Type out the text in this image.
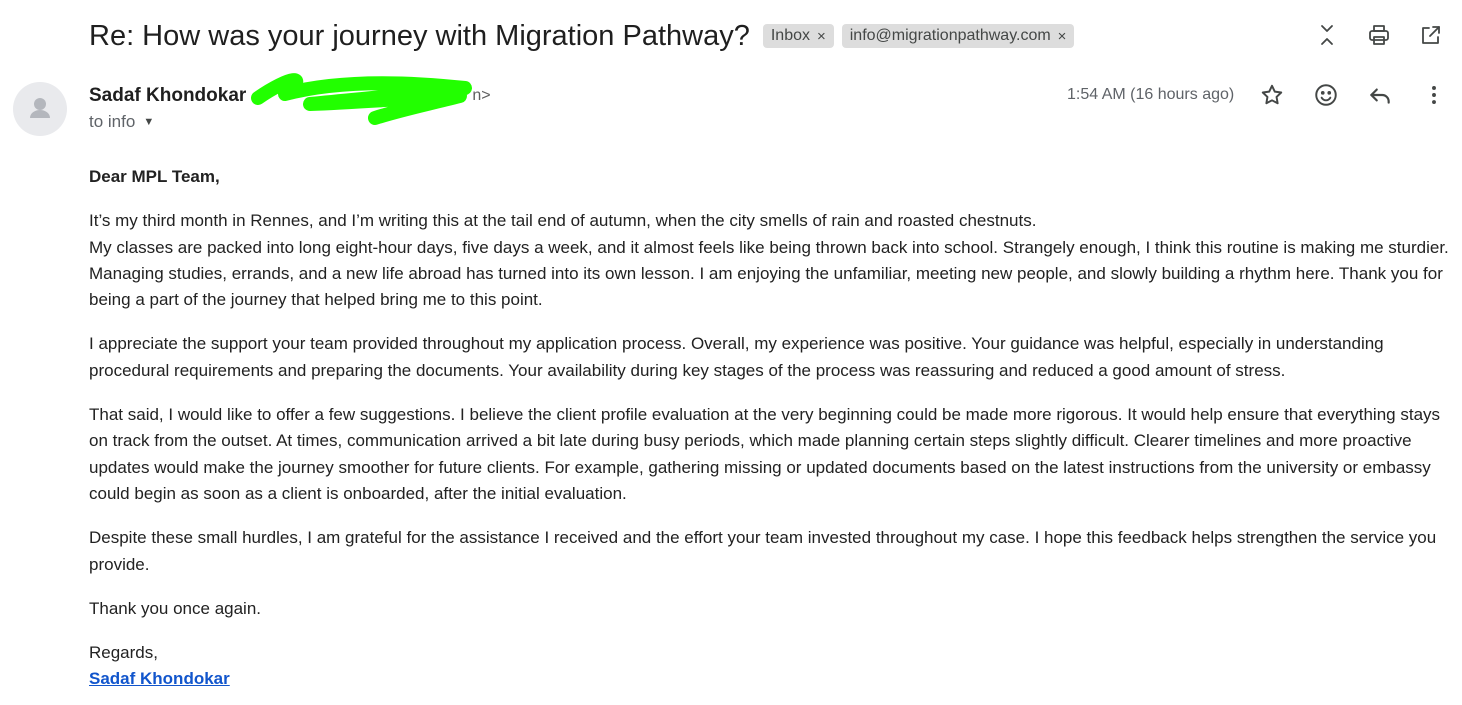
Re: How was your journey with Migration Pathway? Inbox × info@migrationpathway.com ×
Sadaf Khondokar	n>
to info ▼
1:54 AM (16 hours ago)

Dear MPL Team,

It’s my third month in Rennes, and I’m writing this at the tail end of autumn, when the city smells of rain and roasted chestnuts.
My classes are packed into long eight-hour days, five days a week, and it almost feels like being thrown back into school. Strangely enough, I think this routine is making me sturdier. Managing studies, errands, and a new life abroad has turned into its own lesson. I am enjoying the unfamiliar, meeting new people, and slowly building a rhythm here. Thank you for being a part of the journey that helped bring me to this point.

I appreciate the support your team provided throughout my application process. Overall, my experience was positive. Your guidance was helpful, especially in understanding procedural requirements and preparing the documents. Your availability during key stages of the process was reassuring and reduced a good amount of stress.

That said, I would like to offer a few suggestions. I believe the client profile evaluation at the very beginning could be made more rigorous. It would help ensure that everything stays on track from the outset. At times, communication arrived a bit late during busy periods, which made planning certain steps slightly difficult. Clearer timelines and more proactive updates would make the journey smoother for future clients. For example, gathering missing or updated documents based on the latest instructions from the university or embassy could begin as soon as a client is onboarded, after the initial evaluation.

Despite these small hurdles, I am grateful for the assistance I received and the effort your team invested throughout my case. I hope this feedback helps strengthen the service you provide.

Thank you once again.

Regards,
Sadaf Khondokar
